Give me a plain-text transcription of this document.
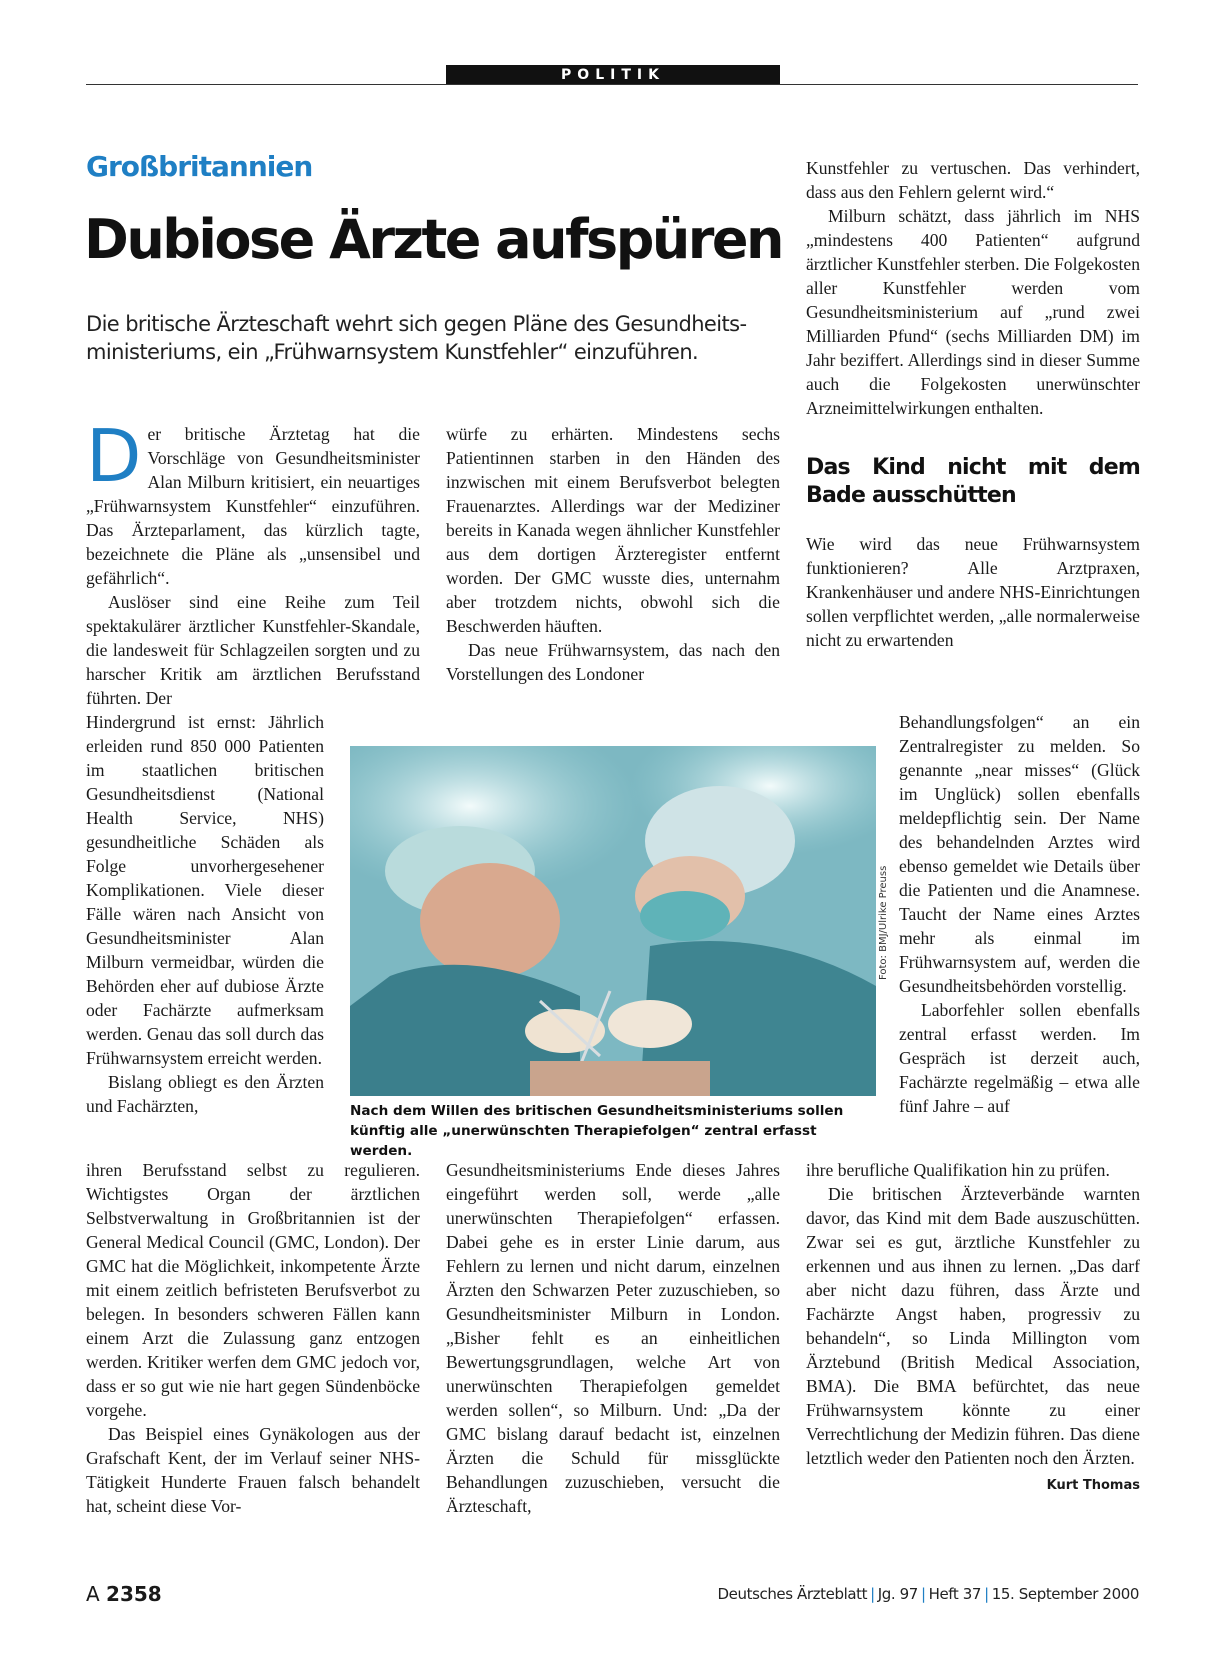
POLITIK
Großbritannien
Dubiose Ärzte aufspüren
Die britische Ärzteschaft wehrt sich gegen Pläne des Gesundheitsministeriums, ein „Frühwarnsystem Kunstfehler“ einzuführen.
D er britische Ärztetag hat die Vorschläge von Gesundheitsminister Alan Milburn kritisiert, ein neuartiges „Frühwarnsystem Kunstfehler“ einzuführen. Das Ärzteparlament, das kürzlich tagte, bezeichnete die Pläne als „unsensibel und gefährlich“.

Auslöser sind eine Reihe zum Teil spektakulärer ärztlicher Kunstfehler-Skandale, die landesweit für Schlagzeilen sorgten und zu harscher Kritik am ärztlichen Berufsstand führten. Der

Hindergrund ist ernst: Jährlich erleiden rund 850 000 Patienten im staatlichen britischen Gesundheitsdienst (National Health Service, NHS) gesundheitliche Schäden als Folge unvorhergesehener Komplikationen. Viele dieser Fälle wären nach Ansicht von Gesundheitsminister Alan Milburn vermeidbar, würden die Behörden eher auf dubiose Ärzte oder Fachärzte aufmerksam werden. Genau das soll durch das Frühwarnsystem erreicht werden.

Bislang obliegt es den Ärzten und Fachärzten,

ihren Berufsstand selbst zu regulieren. Wichtigstes Organ der ärztlichen Selbstverwaltung in Großbritannien ist der General Medical Council (GMC, London). Der GMC hat die Möglichkeit, inkompetente Ärzte mit einem zeitlich befristeten Berufsverbot zu belegen. In besonders schweren Fällen kann einem Arzt die Zulassung ganz entzogen werden. Kritiker werfen dem GMC jedoch vor, dass er so gut wie nie hart gegen Sündenböcke vorgehe.

Das Beispiel eines Gynäkologen aus der Grafschaft Kent, der im Verlauf seiner NHS-Tätigkeit Hunderte Frauen falsch behandelt hat, scheint diese Vor-

würfe zu erhärten. Mindestens sechs Patientinnen starben in den Händen des inzwischen mit einem Berufsverbot belegten Frauenarztes. Allerdings war der Mediziner bereits in Kanada wegen ähnlicher Kunstfehler aus dem dortigen Ärzteregister entfernt worden. Der GMC wusste dies, unternahm aber trotzdem nichts, obwohl sich die Beschwerden häuften.

Das neue Frühwarnsystem, das nach den Vorstellungen des Londoner

Gesundheitsministeriums Ende dieses Jahres eingeführt werden soll, werde „alle unerwünschten Therapiefolgen“ erfassen. Dabei gehe es in erster Linie darum, aus Fehlern zu lernen und nicht darum, einzelnen Ärzten den Schwarzen Peter zuzuschieben, so Gesundheitsminister Milburn in London. „Bisher fehlt es an einheitlichen Bewertungsgrundlagen, welche Art von unerwünschten Therapiefolgen gemeldet werden sollen“, so Milburn. Und: „Da der GMC bislang darauf bedacht ist, einzelnen Ärzten die Schuld für missglückte Behandlungen zuzuschieben, versucht die Ärzteschaft,

Kunstfehler zu vertuschen. Das verhindert, dass aus den Fehlern gelernt wird.“

Milburn schätzt, dass jährlich im NHS „mindestens 400 Patienten“ aufgrund ärztlicher Kunstfehler sterben. Die Folgekosten aller Kunstfehler werden vom Gesundheitsministerium auf „rund zwei Milliarden Pfund“ (sechs Milliarden DM) im Jahr beziffert. Allerdings sind in dieser Summe auch die Folgekosten unerwünschter Arzneimittelwirkungen enthalten.

Das Kind nicht mit dem Bade ausschütten

Wie wird das neue Frühwarnsystem funktionieren? Alle Arztpraxen, Krankenhäuser und andere NHS-Einrichtungen sollen verpflichtet werden, „alle normalerweise nicht zu erwartenden

Behandlungsfolgen“ an ein Zentralregister zu melden. So genannte „near misses“ (Glück im Unglück) sollen ebenfalls meldepflichtig sein. Der Name des behandelnden Arztes wird ebenso gemeldet wie Details über die Patienten und die Anamnese. Taucht der Name eines Arztes mehr als einmal im Frühwarnsystem auf, werden die Gesundheitsbehörden vorstellig.

Laborfehler sollen ebenfalls zentral erfasst werden. Im Gespräch ist derzeit auch, Fachärzte regelmäßig – etwa alle fünf Jahre – auf

ihre berufliche Qualifikation hin zu prüfen.

Die britischen Ärzteverbände warnten davor, das Kind mit dem Bade auszuschütten. Zwar sei es gut, ärztliche Kunstfehler zu erkennen und aus ihnen zu lernen. „Das darf aber nicht dazu führen, dass Ärzte und Fachärzte Angst haben, progressiv zu behandeln“, so Linda Millington vom Ärztebund (British Medical Association, BMA). Die BMA befürchtet, das neue Frühwarnsystem könnte zu einer Verrechtlichung der Medizin führen. Das diene letztlich weder den Patienten noch den Ärzten.
Kurt Thomas

Foto: BMJ/Ulrike Preuss
Nach dem Willen des britischen Gesundheitsministeriums sollen künftig alle „unerwünschten Therapiefolgen“ zentral erfasst werden.
A 2358	Deutsches Ärzteblatt | Jg. 97 | Heft 37 | 15. September 2000
